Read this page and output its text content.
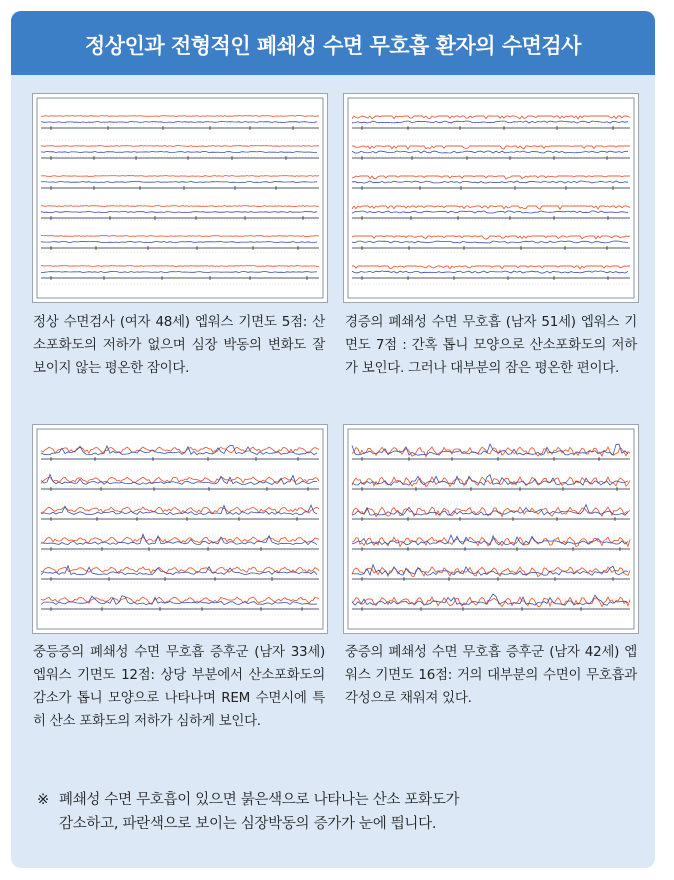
정상인과 전형적인 폐쇄성 수면 무호흡 환자의 수면검사
정상 수면검사 (여자 48세) 엡워스 기면도 5점: 산소포화도의 저하가 없으며 심장 박동의 변화도 잘 보이지 않는 평온한 잠이다.
경증의 폐쇄성 수면 무호흡 (남자 51세) 엡워스 기면도 7점 : 간혹 톱니 모양으로 산소포화도의 저하가 보인다. 그러나 대부분의 잠은 평온한 편이다.
중등증의 폐쇄성 수면 무호흡 증후군 (남자 33세) 엡워스 기면도 12점: 상당 부분에서 산소포화도의 감소가 톱니 모양으로 나타나며 REM 수면시에 특히 산소 포화도의 저하가 심하게 보인다.
중증의 폐쇄성 수면 무호흡 증후군 (남자 42세) 엡워스 기면도 16점: 거의 대부분의 수면이 무호흡과 각성으로 채워져 있다.
※ 폐쇄성 수면 무호흡이 있으면 붉은색으로 나타나는 산소 포화도가
감소하고, 파란색으로 보이는 심장박동의 증가가 눈에 띕니다.
